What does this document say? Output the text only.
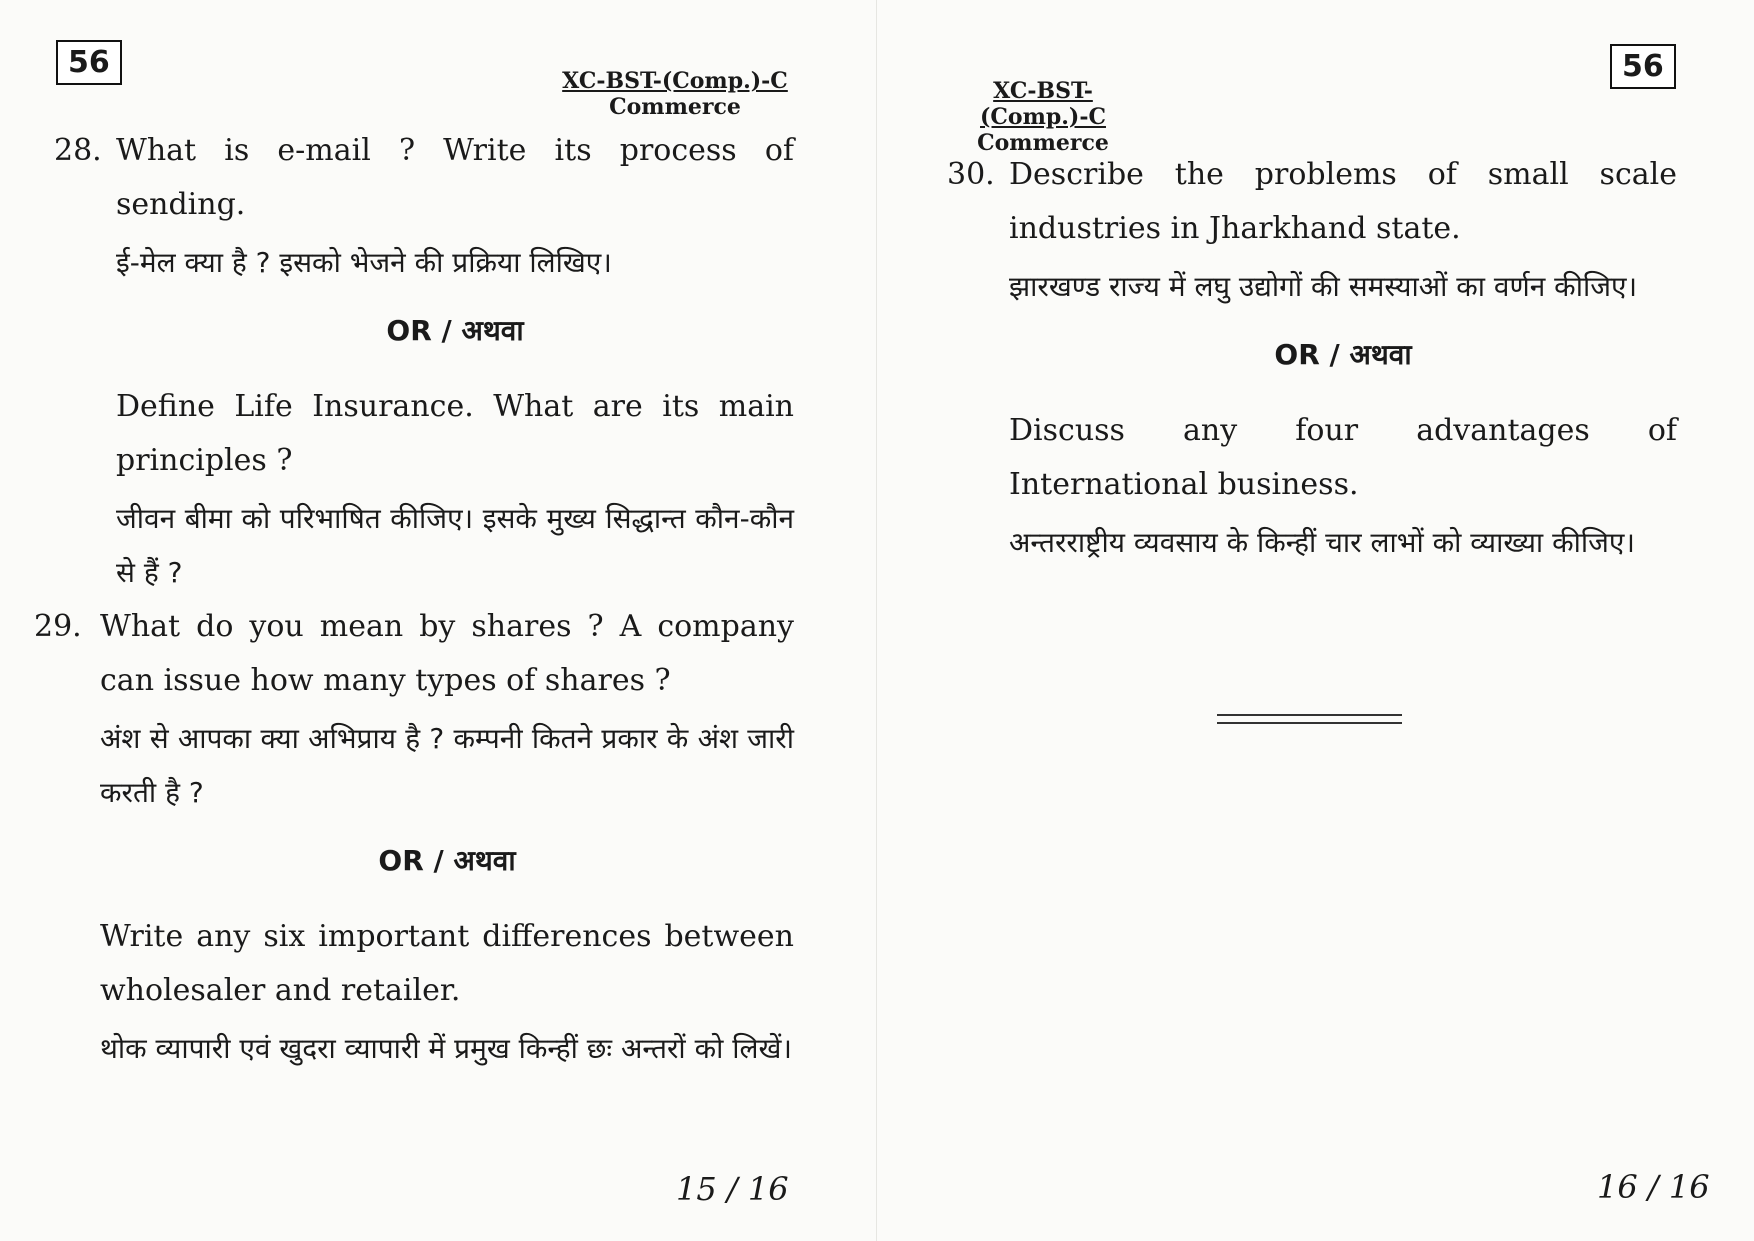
56
XC-BST-(Comp.)-C
Commerce
28. What is e-mail ? Write its process of sending.
ई-मेल क्या है ? इसको भेजने की प्रक्रिया लिखिए।
OR / अथवा
Define Life Insurance. What are its main principles ?
जीवन बीमा को परिभाषित कीजिए। इसके मुख्य सिद्धान्त कौन-कौन से हैं ?
29. What do you mean by shares ? A company can issue how many types of shares ?
अंश से आपका क्या अभिप्राय है ? कम्पनी कितने प्रकार के अंश जारी करती है ?
OR / अथवा
Write any six important differences between wholesaler and retailer.
थोक व्यापारी एवं खुदरा व्यापारी में प्रमुख किन्हीं छः अन्तरों को लिखें।
15 / 16
XC-BST-(Comp.)-C
Commerce
56
30. Describe the problems of small scale industries in Jharkhand state.
झारखण्ड राज्य में लघु उद्योगों की समस्याओं का वर्णन कीजिए।
OR / अथवा
Discuss any four advantages of International business.
अन्तरराष्ट्रीय व्यवसाय के किन्हीं चार लाभों को व्याख्या कीजिए।
16 / 16
